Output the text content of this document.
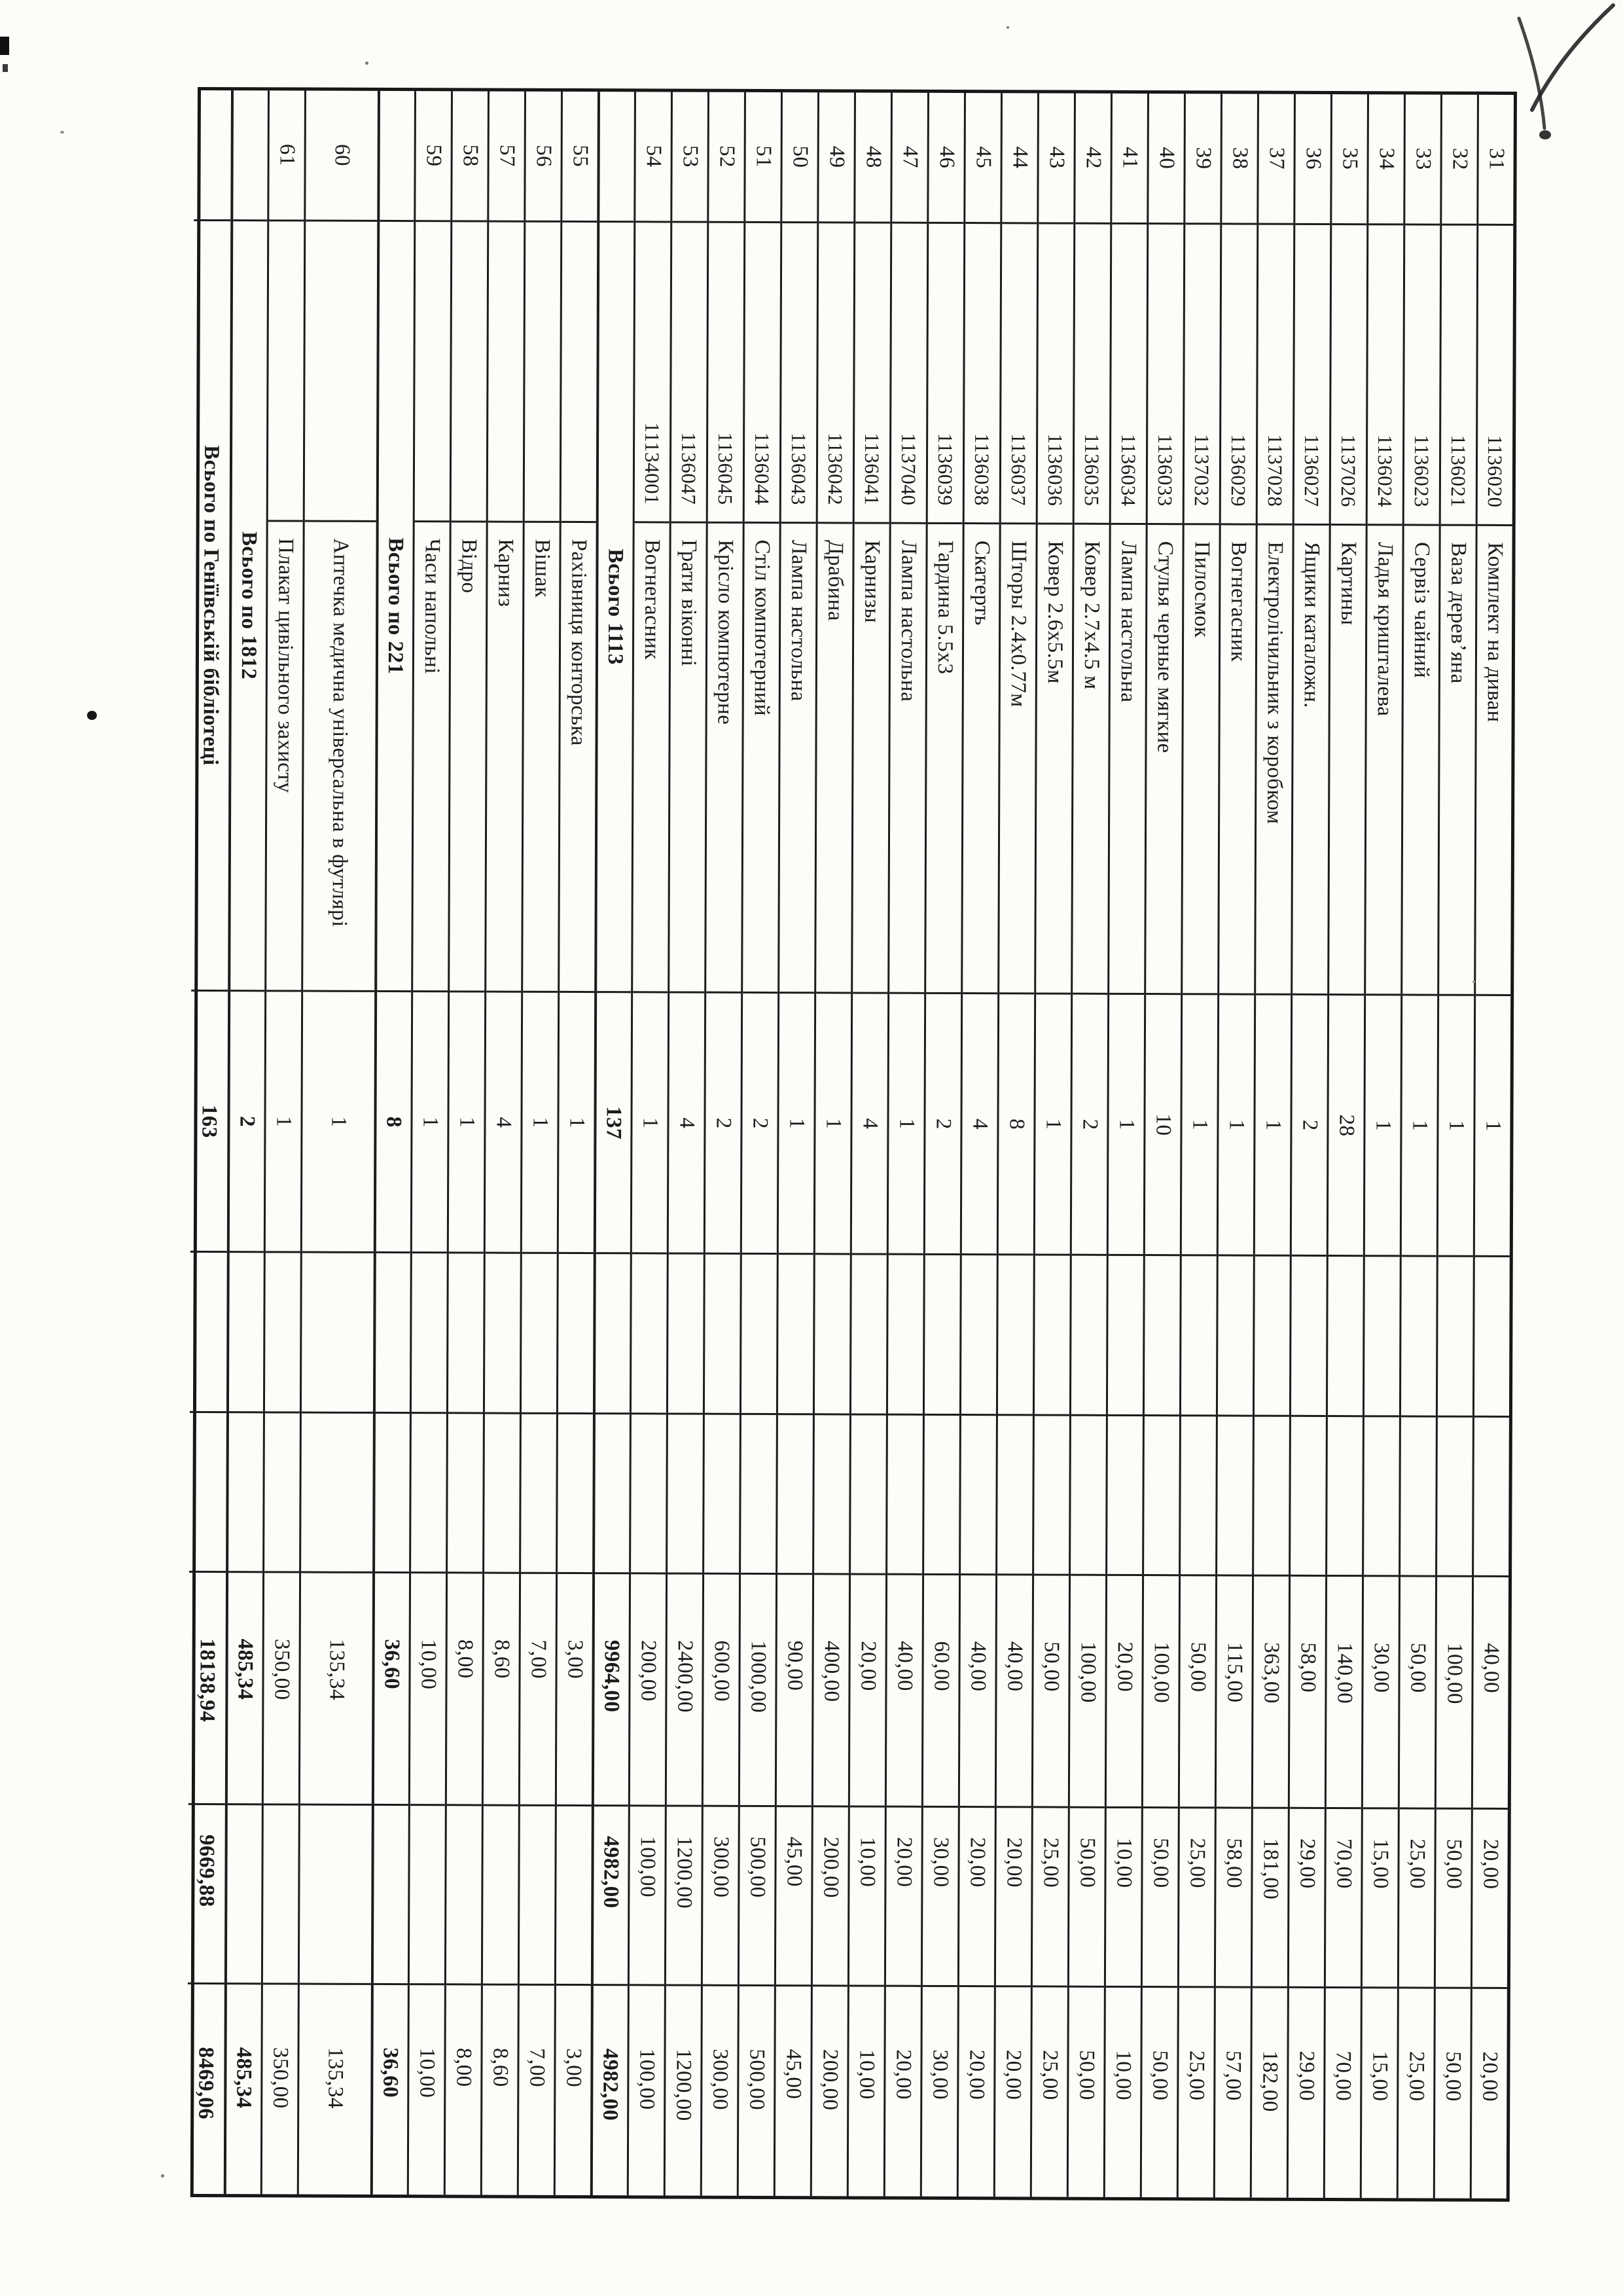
31
1136020
Комплект на диван
1
40,00
20,00
20,00
32
1136021
Ваза дерев’яна
1
100,00
50,00
50,00
33
1136023
Сервіз чайний
1
50,00
25,00
25,00
34
1136024
Ладья кришталева
1
30,00
15,00
15,00
35
1137026
Картины
28
140,00
70,00
70,00
36
1136027
Ящики каталожн.
2
58,00
29,00
29,00
37
1137028
Електролічильник з коробком
1
363,00
181,00
182,00
38
1136029
Вогнегасник
1
115,00
58,00
57,00
39
1137032
Пилосмок
1
50,00
25,00
25,00
40
1136033
Стулья черные мягкие
10
100,00
50,00
50,00
41
1136034
Лампа настольна
1
20,00
10,00
10,00
42
1136035
Ковер 2.7х4.5 м
2
100,00
50,00
50,00
43
1136036
Ковер 2.6х5.5м
1
50,00
25,00
25,00
44
1136037
Шторы 2.4х0.77м
8
40,00
20,00
20,00
45
1136038
Скатерть
4
40,00
20,00
20,00
46
1136039
Гардина 5.5х3
2
60,00
30,00
30,00
47
1137040
Лампа настольна
1
40,00
20,00
20,00
48
1136041
Карнизы
4
20,00
10,00
10,00
49
1136042
Драбина
1
400,00
200,00
200,00
50
1136043
Лампа настольна
1
90,00
45,00
45,00
51
1136044
Стіл компютерний
2
1000,00
500,00
500,00
52
1136045
Крісло компютерне
2
600,00
300,00
300,00
53
1136047
Грати віконні
4
2400,00
1200,00
1200,00
54
11134001
Вогнегасник
1
200,00
100,00
100,00
Всього 1113
137
9964,00
4982,00
4982,00
55
Рахівниця конторська
1
3,00
3,00
56
Вішак
1
7,00
7,00
57
Карниз
4
8,60
8,60
58
Відро
1
8,00
8,00
59
Часи напольні
1
10,00
10,00
Всього по 221
8
36,60
36,60
60
Аптечка медична універсальна в футлярі
1
135,34
135,34
61
Плакат цивільного захисту
1
350,00
350,00
Всього по 1812
2
485,34
485,34
Всього по Генїївській бібліотеці
163
18138,94
9669,88
8469,06
